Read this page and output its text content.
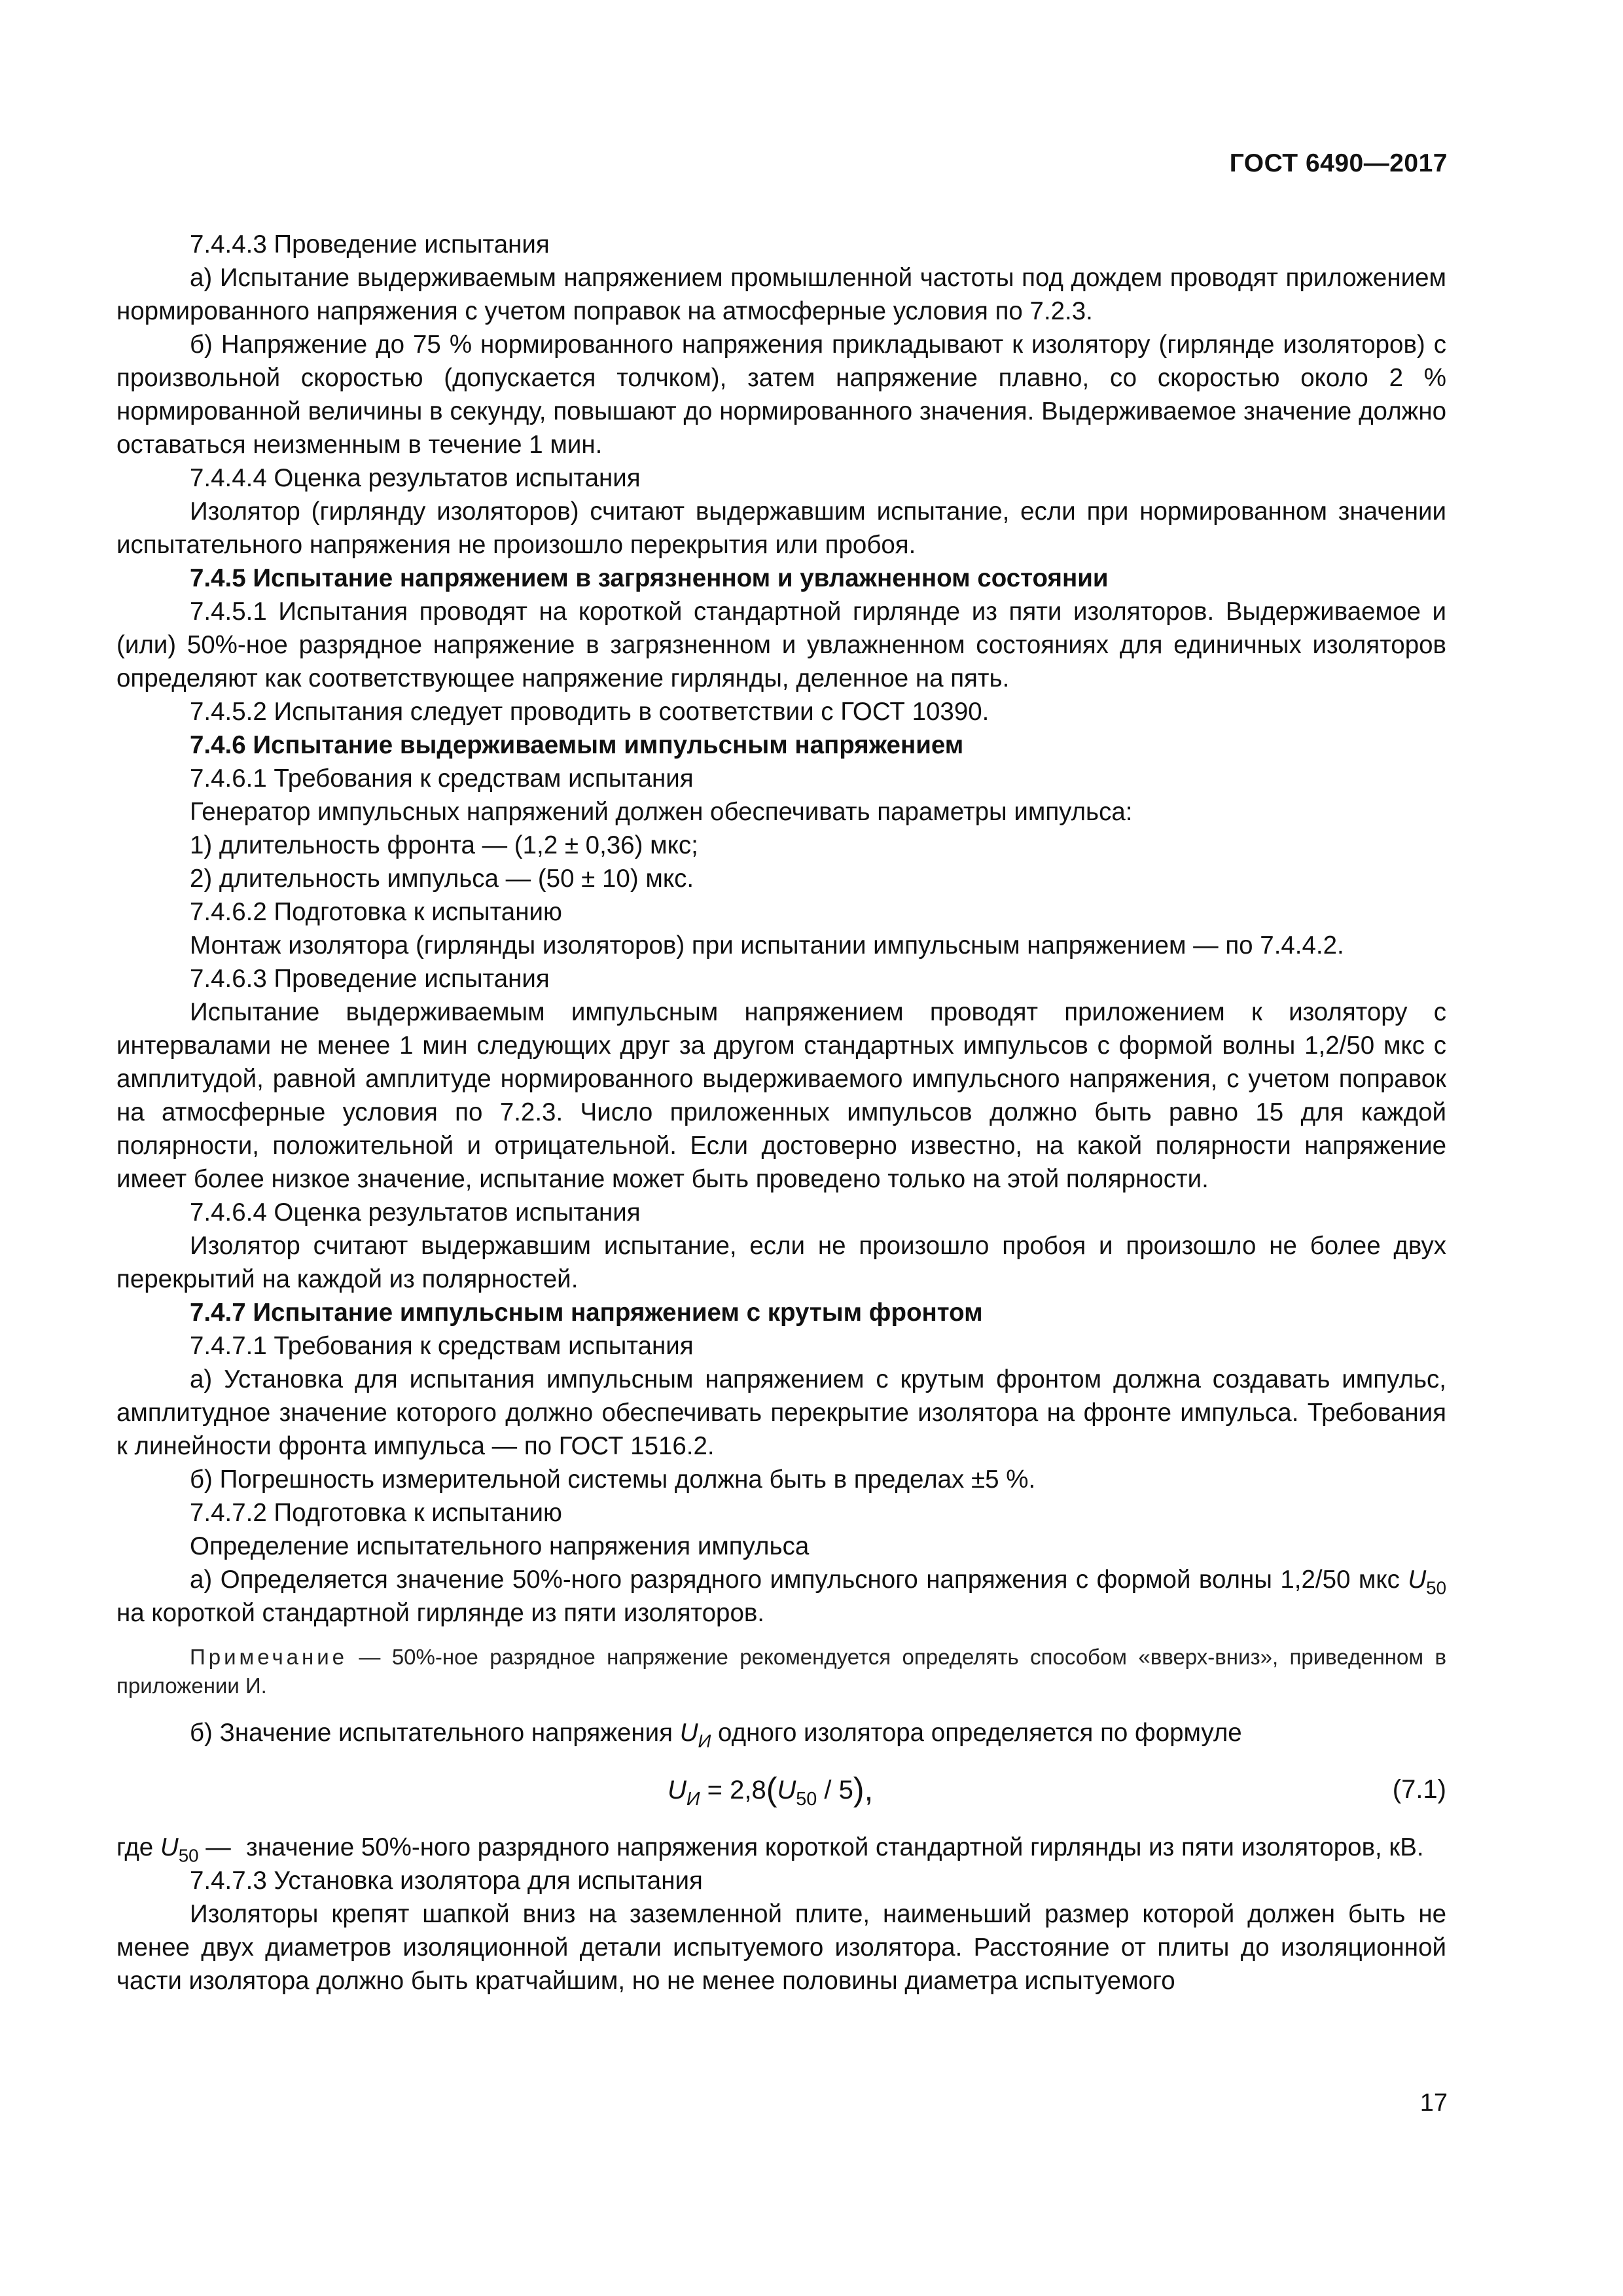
ГОСТ 6490—2017

7.4.4.3 Проведение испытания

а) Испытание выдерживаемым напряжением промышленной частоты под дождем проводят приложением нормированного напряжения с учетом поправок на атмосферные условия по 7.2.3.

б) Напряжение до 75 % нормированного напряжения прикладывают к изолятору (гирлянде изоляторов) с произвольной скоростью (допускается толчком), затем напряжение плавно, со скоростью около 2 % нормированной величины в секунду, повышают до нормированного значения. Выдерживаемое значение должно оставаться неизменным в течение 1 мин.

7.4.4.4 Оценка результатов испытания

Изолятор (гирлянду изоляторов) считают выдержавшим испытание, если при нормированном значении испытательного напряжения не произошло перекрытия или пробоя.

7.4.5 Испытание напряжением в загрязненном и увлажненном состоянии

7.4.5.1 Испытания проводят на короткой стандартной гирлянде из пяти изоляторов. Выдерживаемое и (или) 50%-ное разрядное напряжение в загрязненном и увлажненном состояниях для единичных изоляторов определяют как соответствующее напряжение гирлянды, деленное на пять.

7.4.5.2 Испытания следует проводить в соответствии с ГОСТ 10390.

7.4.6 Испытание выдерживаемым импульсным напряжением

7.4.6.1 Требования к средствам испытания

Генератор импульсных напряжений должен обеспечивать параметры импульса:

1) длительность фронта — (1,2 ± 0,36) мкс;

2) длительность импульса — (50 ± 10) мкс.

7.4.6.2 Подготовка к испытанию

Монтаж изолятора (гирлянды изоляторов) при испытании импульсным напряжением — по 7.4.4.2.

7.4.6.3 Проведение испытания

Испытание выдерживаемым импульсным напряжением проводят приложением к изолятору с интервалами не менее 1 мин следующих друг за другом стандартных импульсов с формой волны 1,2/50 мкс с амплитудой, равной амплитуде нормированного выдерживаемого импульсного напряжения, с учетом поправок на атмосферные условия по 7.2.3. Число приложенных импульсов должно быть равно 15 для каждой полярности, положительной и отрицательной. Если достоверно известно, на какой полярности напряжение имеет более низкое значение, испытание может быть проведено только на этой полярности.

7.4.6.4 Оценка результатов испытания

Изолятор считают выдержавшим испытание, если не произошло пробоя и произошло не более двух перекрытий на каждой из полярностей.

7.4.7 Испытание импульсным напряжением с крутым фронтом

7.4.7.1 Требования к средствам испытания

а) Установка для испытания импульсным напряжением с крутым фронтом должна создавать импульс, амплитудное значение которого должно обеспечивать перекрытие изолятора на фронте импульса. Требования к линейности фронта импульса — по ГОСТ 1516.2.

б) Погрешность измерительной системы должна быть в пределах ±5 %.

7.4.7.2 Подготовка к испытанию

Определение испытательного напряжения импульса

а) Определяется значение 50%-ного разрядного импульсного напряжения с формой волны 1,2/50 мкс $U_{50}$ на короткой стандартной гирлянде из пяти изоляторов.

Примечание — 50%-ное разрядное напряжение рекомендуется определять способом «вверх-вниз», приведенном в приложении И.

б) Значение испытательного напряжения $U_И$ одного изолятора определяется по формуле

$U_И = 2,8(U_{50} / 5)$,	(7.1)
где $U_{50}$ — значение 50%-ного разрядного напряжения короткой стандартной гирлянды из пяти изоляторов, кВ.

7.4.7.3 Установка изолятора для испытания

Изоляторы крепят шапкой вниз на заземленной плите, наименьший размер которой должен быть не менее двух диаметров изоляционной детали испытуемого изолятора. Расстояние от плиты до изоляционной части изолятора должно быть кратчайшим, но не менее половины диаметра испытуемого

17
